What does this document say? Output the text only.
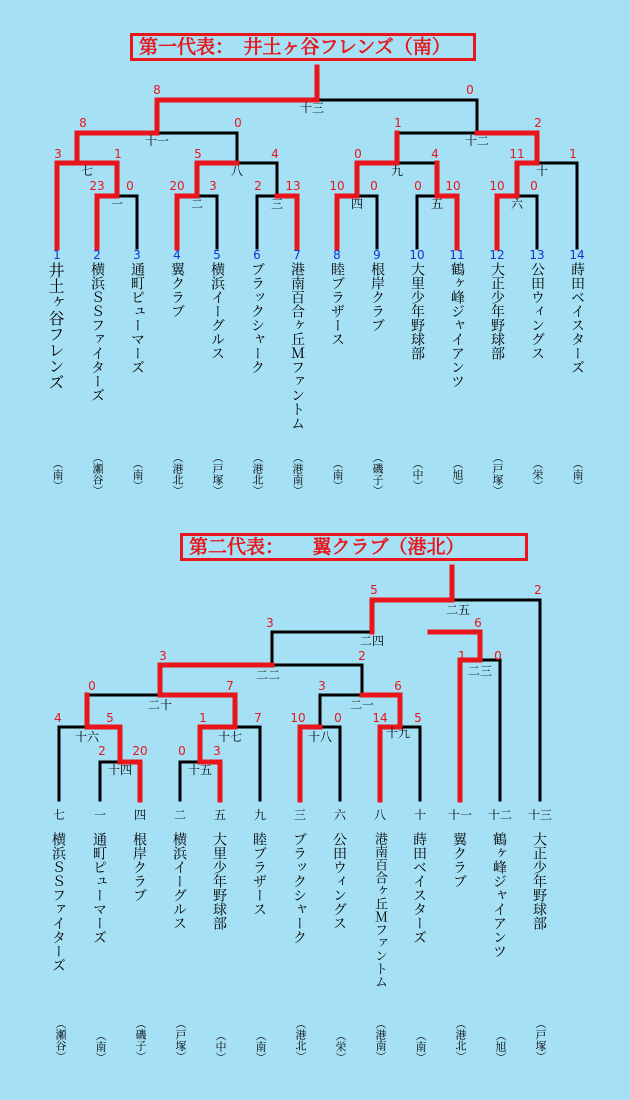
第一代表：　井土ヶ谷フレンズ（南）
第二代表：　　翼クラブ（港北）
一	二	三	四	五	六
七	八	九	十
十一	十二
十三
23 0	20 3	2 13 10 0	0 10 10 0
3	1	5	4	0	4	11	1
8	0	1	2
8	0
1	2	3	4	5	6	7	8	9 10 11 12 13 14
十四	十五
十六	十七	十八	十九
二十	二一
二二	二三
二四
二五
2 20	0 3
4	5	1	7 10 0	14 5
0	7	3	6
1 0
3	2
3	6
5	2
井土ヶ谷フレンズ 横浜ＳＳファイターズ 通町ピューマーズ 翼クラブ 横浜イーグルス ブラックシャーク 港南百合ヶ丘Ｍファントム 睦ブラザース 根岸クラブ 大里少年野球部 鶴ヶ峰ジャイアンツ 大正少年野球部 公田ウィングス 蒔田ベイスターズ
（南） （瀬谷） （南） （港北） （戸塚） （港北） （港南） （南） （磯子） （中） （旭） （戸塚） （栄） （南）
七	一	四	二	五	九	三	六	八	十	十一 十二 十三
横浜ＳＳファイターズ 通町ピューマーズ 根岸クラブ 横浜イーグルス 大里少年野球部 睦ブラザース ブラックシャーク 公田ウィングス 港南百合ヶ丘Ｍファントム 蒔田ベイスターズ 翼クラブ 鶴ヶ峰ジャイアンツ 大正少年野球部
（瀬谷） （南） （磯子） （戸塚） （中） （南） （港北） （栄） （港南） （南） （港北） （旭） （戸塚）
